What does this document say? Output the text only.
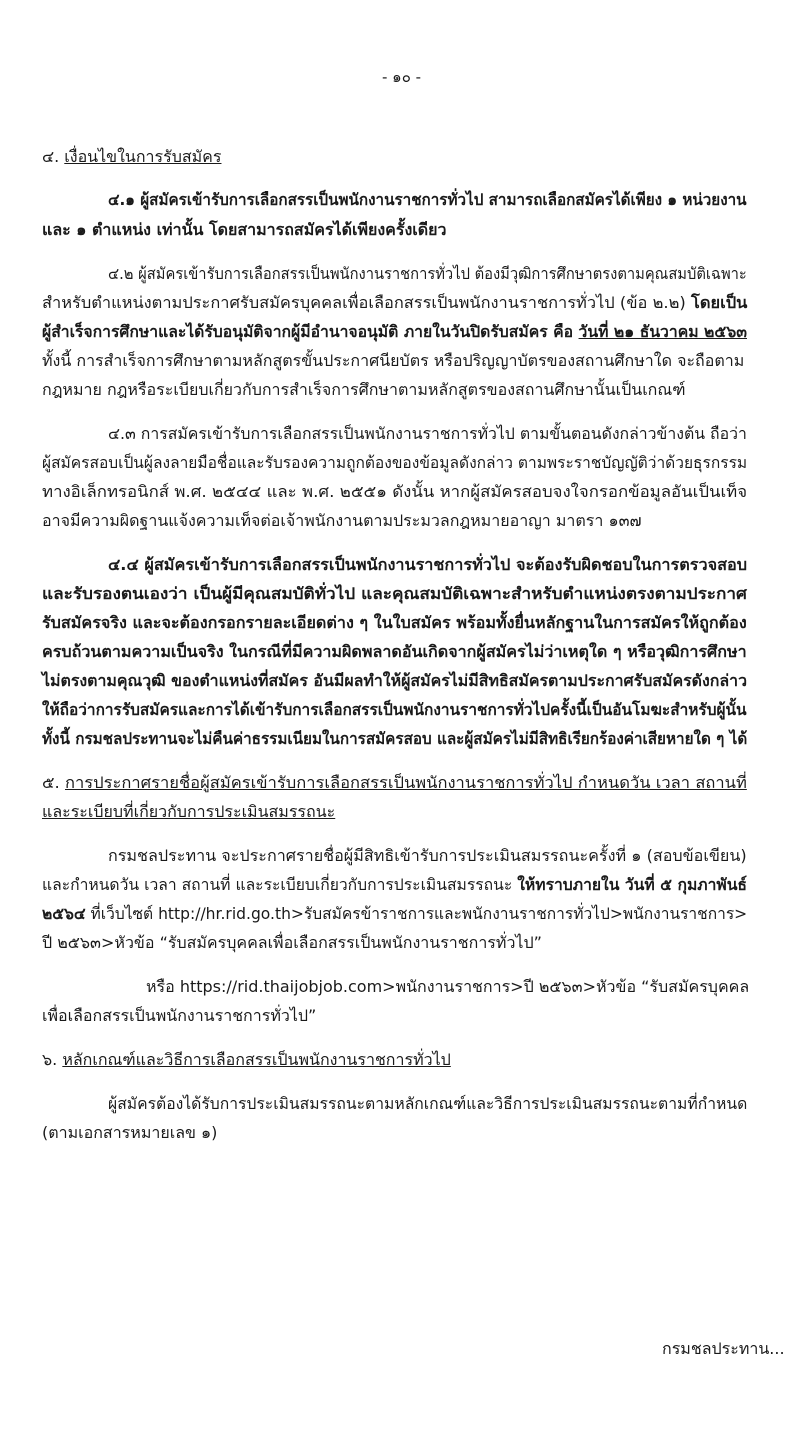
- ๑๐ -
๔. เงื่อนไขในการรับสมัคร
๔.๑ ผู้สมัครเข้ารับการเลือกสรรเป็นพนักงานราชการทั่วไป สามารถเลือกสมัครได้เพียง ๑ หน่วยงาน
และ ๑ ตำแหน่ง เท่านั้น โดยสามารถสมัครได้เพียงครั้งเดียว
๔.๒ ผู้สมัครเข้ารับการเลือกสรรเป็นพนักงานราชการทั่วไป ต้องมีวุฒิการศึกษาตรงตามคุณสมบัติเฉพาะ
สำหรับตำแหน่งตามประกาศรับสมัครบุคคลเพื่อเลือกสรรเป็นพนักงานราชการทั่วไป (ข้อ ๒.๒) โดยเป็น
ผู้สำเร็จการศึกษาและได้รับอนุมัติจากผู้มีอำนาจอนุมัติ ภายในวันปิดรับสมัคร คือ วันที่ ๒๑ ธันวาคม ๒๕๖๓
ทั้งนี้ การสำเร็จการศึกษาตามหลักสูตรขั้นประกาศนียบัตร หรือปริญญาบัตรของสถานศึกษาใด จะถือตาม
กฎหมาย กฎหรือระเบียบเกี่ยวกับการสำเร็จการศึกษาตามหลักสูตรของสถานศึกษานั้นเป็นเกณฑ์
๔.๓ การสมัครเข้ารับการเลือกสรรเป็นพนักงานราชการทั่วไป ตามขั้นตอนดังกล่าวข้างต้น ถือว่า
ผู้สมัครสอบเป็นผู้ลงลายมือชื่อและรับรองความถูกต้องของข้อมูลดังกล่าว ตามพระราชบัญญัติว่าด้วยธุรกรรม
ทางอิเล็กทรอนิกส์ พ.ศ. ๒๕๔๔ และ พ.ศ. ๒๕๕๑ ดังนั้น หากผู้สมัครสอบจงใจกรอกข้อมูลอันเป็นเท็จ
อาจมีความผิดฐานแจ้งความเท็จต่อเจ้าพนักงานตามประมวลกฎหมายอาญา มาตรา ๑๓๗
๔.๔ ผู้สมัครเข้ารับการเลือกสรรเป็นพนักงานราชการทั่วไป จะต้องรับผิดชอบในการตรวจสอบ
และรับรองตนเองว่า เป็นผู้มีคุณสมบัติทั่วไป และคุณสมบัติเฉพาะสำหรับตำแหน่งตรงตามประกาศ
รับสมัครจริง และจะต้องกรอกรายละเอียดต่าง ๆ ในใบสมัคร พร้อมทั้งยื่นหลักฐานในการสมัครให้ถูกต้อง
ครบถ้วนตามความเป็นจริง ในกรณีที่มีความผิดพลาดอันเกิดจากผู้สมัครไม่ว่าเหตุใด ๆ หรือวุฒิการศึกษา
ไม่ตรงตามคุณวุฒิ ของตำแหน่งที่สมัคร อันมีผลทำให้ผู้สมัครไม่มีสิทธิสมัครตามประกาศรับสมัครดังกล่าว
ให้ถือว่าการรับสมัครและการได้เข้ารับการเลือกสรรเป็นพนักงานราชการทั่วไปครั้งนี้เป็นอันโมฆะสำหรับผู้นั้น
ทั้งนี้ กรมชลประทานจะไม่คืนค่าธรรมเนียมในการสมัครสอบ และผู้สมัครไม่มีสิทธิเรียกร้องค่าเสียหายใด ๆ ได้
๕. การประกาศรายชื่อผู้สมัครเข้ารับการเลือกสรรเป็นพนักงานราชการทั่วไป กำหนดวัน เวลา สถานที่
และระเบียบที่เกี่ยวกับการประเมินสมรรถนะ
กรมชลประทาน จะประกาศรายชื่อผู้มีสิทธิเข้ารับการประเมินสมรรถนะครั้งที่ ๑ (สอบข้อเขียน)
และกำหนดวัน เวลา สถานที่ และระเบียบเกี่ยวกับการประเมินสมรรถนะ ให้ทราบภายใน วันที่ ๕ กุมภาพันธ์
๒๕๖๔ ที่เว็บไซต์ http://hr.rid.go.th>รับสมัครข้าราชการและพนักงานราชการทั่วไป>พนักงานราชการ>
ปี ๒๕๖๓>หัวข้อ “รับสมัครบุคคลเพื่อเลือกสรรเป็นพนักงานราชการทั่วไป”
หรือ https://rid.thaijobjob.com>พนักงานราชการ>ปี ๒๕๖๓>หัวข้อ “รับสมัครบุคคล
เพื่อเลือกสรรเป็นพนักงานราชการทั่วไป”
๖. หลักเกณฑ์และวิธีการเลือกสรรเป็นพนักงานราชการทั่วไป
ผู้สมัครต้องได้รับการประเมินสมรรถนะตามหลักเกณฑ์และวิธีการประเมินสมรรถนะตามที่กำหนด
(ตามเอกสารหมายเลข ๑)
กรมชลประทาน...
